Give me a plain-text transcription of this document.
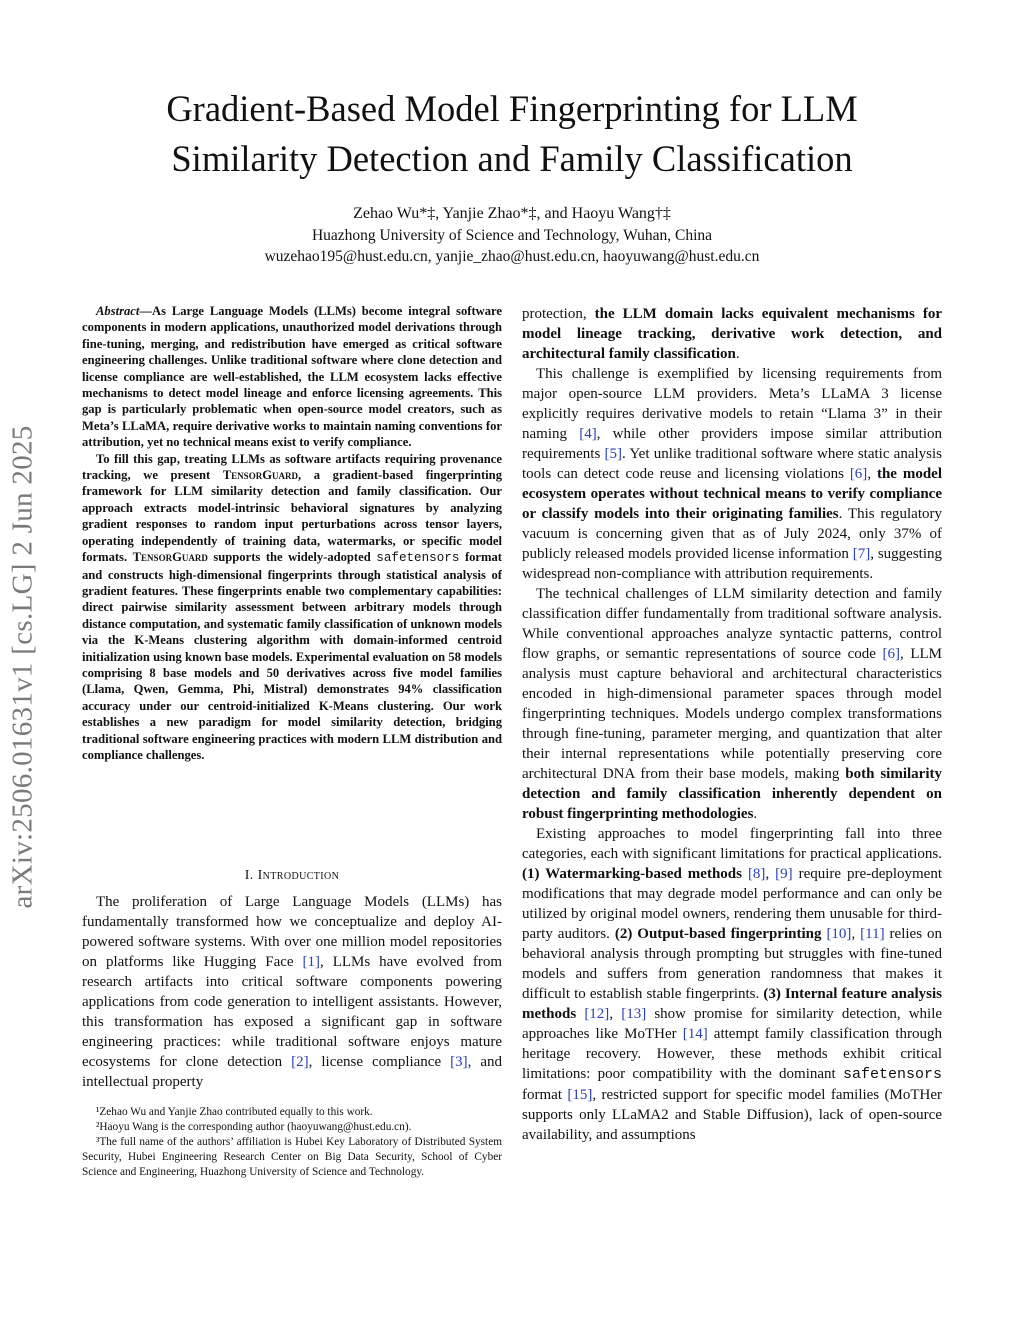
arXiv:2506.01631v1 [cs.LG] 2 Jun 2025
Gradient-Based Model Fingerprinting for LLM
Similarity Detection and Family Classification
Zehao Wu*‡, Yanjie Zhao*‡, and Haoyu Wang†‡
Huazhong University of Science and Technology, Wuhan, China
wuzehao195@hust.edu.cn, yanjie_zhao@hust.edu.cn, haoyuwang@hust.edu.cn

Abstract—As Large Language Models (LLMs) become integral software components in modern applications, unauthorized model derivations through fine-tuning, merging, and redistribution have emerged as critical software engineering challenges. Unlike traditional software where clone detection and license compliance are well-established, the LLM ecosystem lacks effective mechanisms to detect model lineage and enforce licensing agreements. This gap is particularly problematic when open-source model creators, such as Meta’s LLaMA, require derivative works to maintain naming conventions for attribution, yet no technical means exist to verify compliance.

To fill this gap, treating LLMs as software artifacts requiring provenance tracking, we present TensorGuard, a gradient-based fingerprinting framework for LLM similarity detection and family classification. Our approach extracts model-intrinsic behavioral signatures by analyzing gradient responses to random input perturbations across tensor layers, operating independently of training data, watermarks, or specific model formats. TensorGuard supports the widely-adopted safetensors format and constructs high-dimensional fingerprints through statistical analysis of gradient features. These fingerprints enable two complementary capabilities: direct pairwise similarity assessment between arbitrary models through distance computation, and systematic family classification of unknown models via the K-Means clustering algorithm with domain-informed centroid initialization using known base models. Experimental evaluation on 58 models comprising 8 base models and 50 derivatives across five model families (Llama, Qwen, Gemma, Phi, Mistral) demonstrates 94% classification accuracy under our centroid-initialized K-Means clustering. Our work establishes a new paradigm for model similarity detection, bridging traditional software engineering practices with modern LLM distribution and compliance challenges.

I. Introduction

The proliferation of Large Language Models (LLMs) has fundamentally transformed how we conceptualize and deploy AI-powered software systems. With over one million model repositories on platforms like Hugging Face [1], LLMs have evolved from research artifacts into critical software components powering applications from code generation to intelligent assistants. However, this transformation has exposed a significant gap in software engineering practices: while traditional software enjoys mature ecosystems for clone detection [2], license compliance [3], and intellectual property

¹Zehao Wu and Yanjie Zhao contributed equally to this work.

²Haoyu Wang is the corresponding author (haoyuwang@hust.edu.cn).

³The full name of the authors’ affiliation is Hubei Key Laboratory of Distributed System Security, Hubei Engineering Research Center on Big Data Security, School of Cyber Science and Engineering, Huazhong University of Science and Technology.

protection, the LLM domain lacks equivalent mechanisms for model lineage tracking, derivative work detection, and architectural family classification.

This challenge is exemplified by licensing requirements from major open-source LLM providers. Meta’s LLaMA 3 license explicitly requires derivative models to retain “Llama 3” in their naming [4], while other providers impose similar attribution requirements [5]. Yet unlike traditional software where static analysis tools can detect code reuse and licensing violations [6], the model ecosystem operates without technical means to verify compliance or classify models into their originating families. This regulatory vacuum is concerning given that as of July 2024, only 37% of publicly released models provided license information [7], suggesting widespread non-compliance with attribution requirements.

The technical challenges of LLM similarity detection and family classification differ fundamentally from traditional software analysis. While conventional approaches analyze syntactic patterns, control flow graphs, or semantic representations of source code [6], LLM analysis must capture behavioral and architectural characteristics encoded in high-dimensional parameter spaces through model fingerprinting techniques. Models undergo complex transformations through fine-tuning, parameter merging, and quantization that alter their internal representations while potentially preserving core architectural DNA from their base models, making both similarity detection and family classification inherently dependent on robust fingerprinting methodologies.

Existing approaches to model fingerprinting fall into three categories, each with significant limitations for practical applications. (1) Watermarking-based methods [8], [9] require pre-deployment modifications that may degrade model performance and can only be utilized by original model owners, rendering them unusable for third-party auditors. (2) Output-based fingerprinting [10], [11] relies on behavioral analysis through prompting but struggles with fine-tuned models and suffers from generation randomness that makes it difficult to establish stable fingerprints. (3) Internal feature analysis methods [12], [13] show promise for similarity detection, while approaches like MoTHer [14] attempt family classification through heritage recovery. However, these methods exhibit critical limitations: poor compatibility with the dominant safetensors format [15], restricted support for specific model families (MoTHer supports only LLaMA2 and Stable Diffusion), lack of open-source availability, and assumptions
